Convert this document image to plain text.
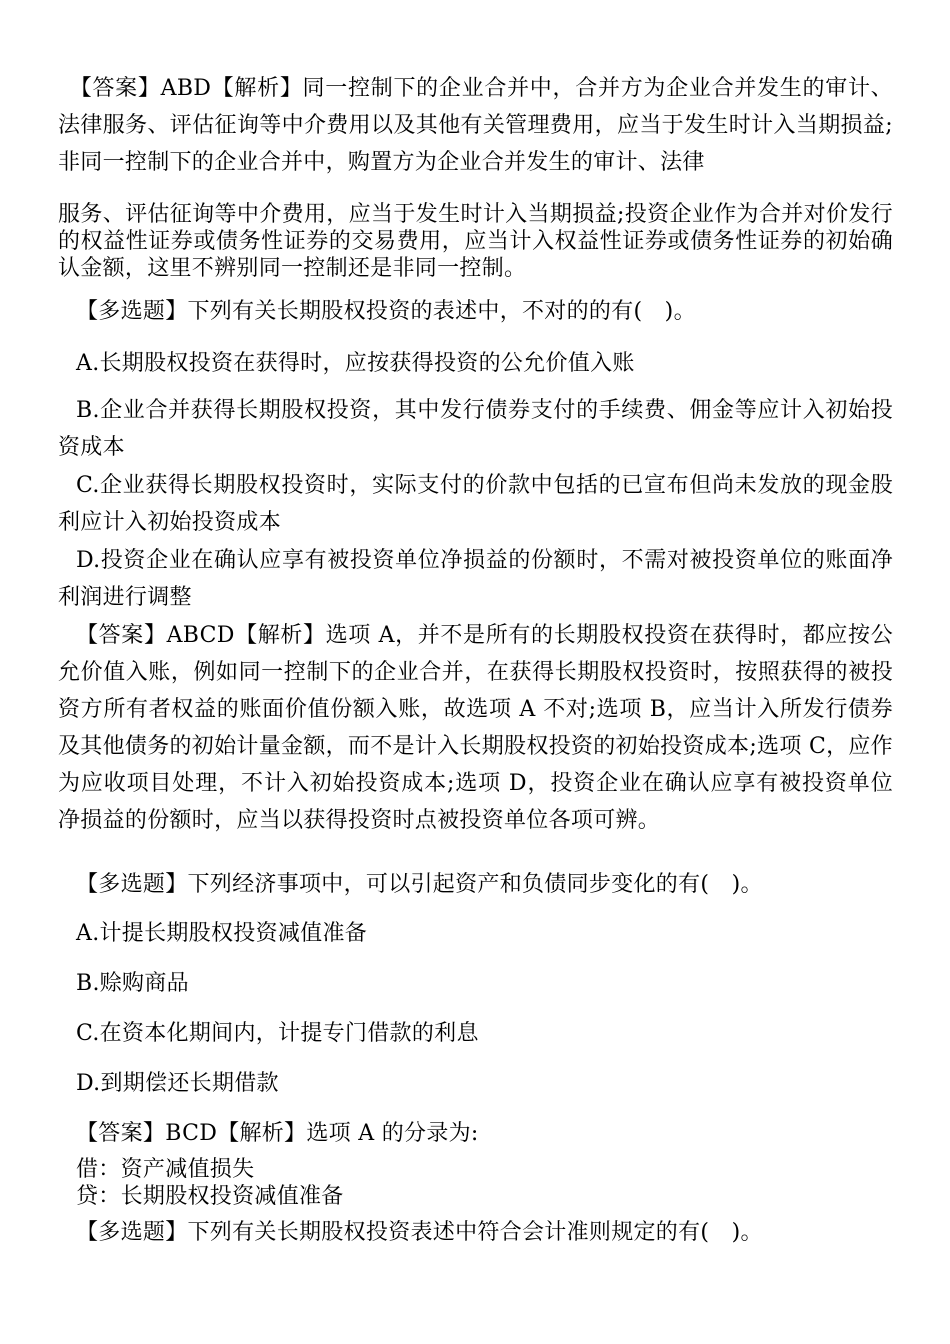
　【答案】ABD【解析】同一控制下的企业合并中，合并方为企业合并发生的审计、法律服务、评估征询等中介费用以及其他有关管理费用，应当于发生时计入当期损益;非同一控制下的企业合并中，购置方为企业合并发生的审计、法律

服务、评估征询等中介费用，应当于发生时计入当期损益;投资企业作为合并对价发行的权益性证券或债务性证券的交易费用，应当计入权益性证券或债务性证券的初始确认金额，这里不辨别同一控制还是非同一控制。

【多选题】下列有关长期股权投资的表述中，不对的的有(　)。

A.长期股权投资在获得时，应按获得投资的公允价值入账

B.企业合并获得长期股权投资，其中发行债券支付的手续费、佣金等应计入初始投资成本

C.企业获得长期股权投资时，实际支付的价款中包括的已宣布但尚未发放的现金股利应计入初始投资成本

D.投资企业在确认应享有被投资单位净损益的份额时，不需对被投资单位的账面净利润进行调整

【答案】ABCD【解析】选项 A，并不是所有的长期股权投资在获得时，都应按公允价值入账，例如同一控制下的企业合并，在获得长期股权投资时，按照获得的被投资方所有者权益的账面价值份额入账，故选项 A 不对;选项 B，应当计入所发行债券及其他债务的初始计量金额，而不是计入长期股权投资的初始投资成本;选项 C，应作为应收项目处理，不计入初始投资成本;选项 D，投资企业在确认应享有被投资单位净损益的份额时，应当以获得投资时点被投资单位各项可辨。

【多选题】下列经济事项中，可以引起资产和负债同步变化的有(　)。

A.计提长期股权投资减值准备

B.赊购商品

C.在资本化期间内，计提专门借款的利息

D.到期偿还长期借款

【答案】BCD【解析】选项 A 的分录为:

借：资产减值损失

贷：长期股权投资减值准备

【多选题】下列有关长期股权投资表述中符合会计准则规定的有(　)。
